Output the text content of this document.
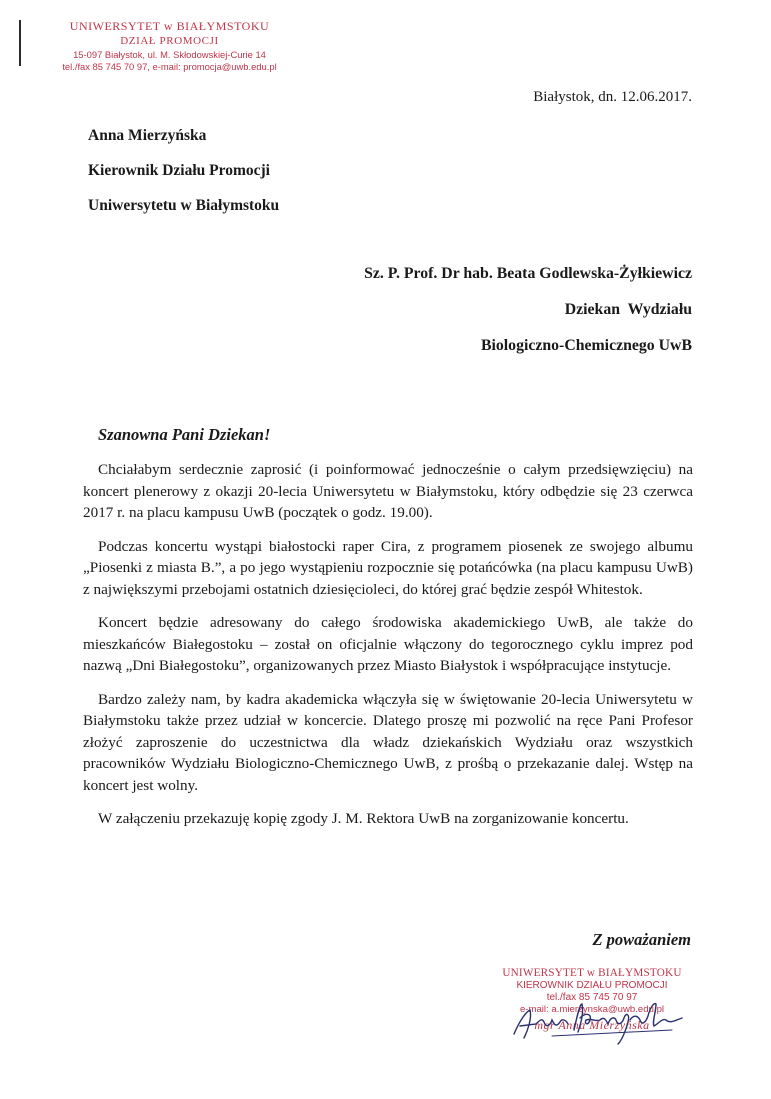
UNIWERSYTET w BIAŁYMSTOKU
DZIAŁ PROMOCJI
15-097 Białystok, ul. M. Skłodowskiej-Curie 14
tel./fax 85 745 70 97, e-mail: promocja@uwb.edu.pl
Białystok, dn. 12.06.2017.
Anna Mierzyńska
Kierownik Działu Promocji
Uniwersytetu w Białymstoku
Sz. P. Prof. Dr hab. Beata Godlewska-Żyłkiewicz
Dziekan  Wydziału
Biologiczno-Chemicznego UwB
Szanowna Pani Dziekan!

Chciałabym serdecznie zaprosić (i poinformować jednocześnie o całym przedsięwzięciu) na koncert plenerowy z okazji 20-lecia Uniwersytetu w Białymstoku, który odbędzie się 23 czerwca 2017 r. na placu kampusu UwB (początek o godz. 19.00).

Podczas koncertu wystąpi białostocki raper Cira, z programem piosenek ze swojego albumu „Piosenki z miasta B.”, a po jego wystąpieniu rozpocznie się potańcówka (na placu kampusu UwB) z największymi przebojami ostatnich dziesięcioleci, do której grać będzie zespół Whitestok.

Koncert będzie adresowany do całego środowiska akademickiego UwB, ale także do mieszkańców Białegostoku – został on oficjalnie włączony do tegorocznego cyklu imprez pod nazwą „Dni Białegostoku”, organizowanych przez Miasto Białystok i współpracujące instytucje.

Bardzo zależy nam, by kadra akademicka włączyła się w świętowanie 20-lecia Uniwersytetu w Białymstoku także przez udział w koncercie. Dlatego proszę mi pozwolić na ręce Pani Profesor złożyć zaproszenie do uczestnictwa dla władz dziekańskich Wydziału oraz wszystkich pracowników Wydziału Biologiczno-Chemicznego UwB, z prośbą o przekazanie dalej. Wstęp na koncert jest wolny.

W załączeniu przekazuję kopię zgody J. M. Rektora UwB na zorganizowanie koncertu.

Z poważaniem
UNIWERSYTET w BIAŁYMSTOKU
KIEROWNIK DZIAŁU PROMOCJI
tel./fax 85 745 70 97
e-mail: a.mierzynska@uwb.edu.pl
mgr Anna Mierzyńska
